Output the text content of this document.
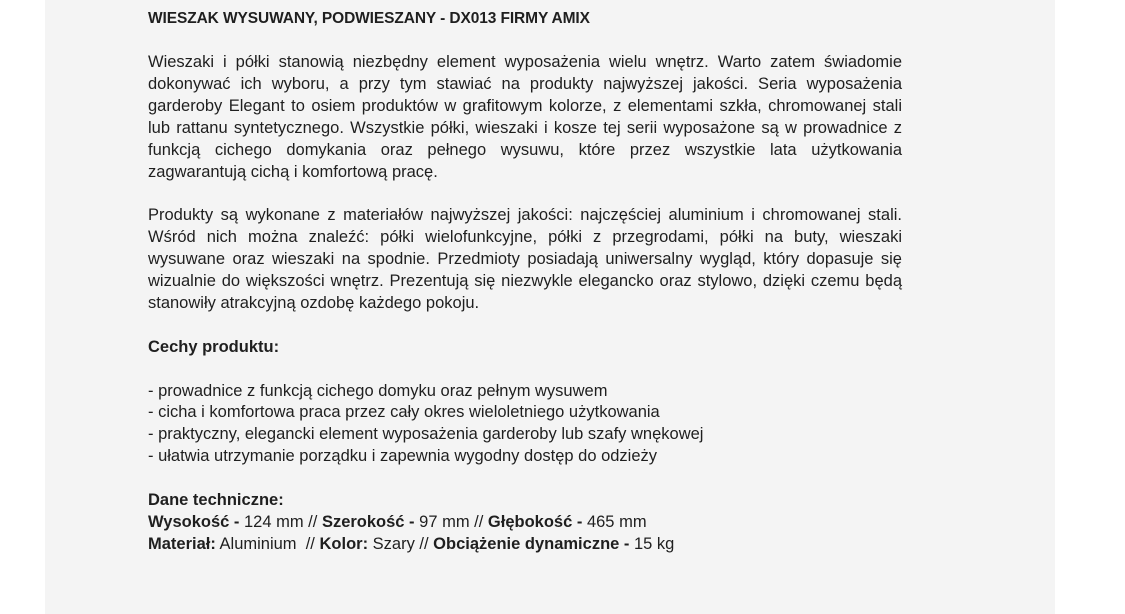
WIESZAK WYSUWANY, PODWIESZANY - DX013 FIRMY AMIX

Wieszaki i półki stanowią niezbędny element wyposażenia wielu wnętrz. Warto zatem świadomie dokonywać ich wyboru, a przy tym stawiać na produkty najwyższej jakości. Seria wyposażenia garderoby Elegant to osiem produktów w grafitowym kolorze, z elementami szkła, chromowanej stali lub rattanu syntetycznego. Wszystkie półki, wieszaki i kosze tej serii wyposażone są w prowadnice z funkcją cichego domykania oraz pełnego wysuwu, które przez wszystkie lata użytkowania zagwarantują cichą i komfortową pracę.

Produkty są wykonane z materiałów najwyższej jakości: najczęściej aluminium i chromowanej stali. Wśród nich można znaleźć: półki wielofunkcyjne, półki z przegrodami, półki na buty, wieszaki wysuwane oraz wieszaki na spodnie. Przedmioty posiadają uniwersalny wygląd, który dopasuje się wizualnie do większości wnętrz. Prezentują się niezwykle elegancko oraz stylowo, dzięki czemu będą stanowiły atrakcyjną ozdobę każdego pokoju.

Cechy produktu:
- prowadnice z funkcją cichego domyku oraz pełnym wysuwem
- cicha i komfortowa praca przez cały okres wieloletniego użytkowania
- praktyczny, elegancki element wyposażenia garderoby lub szafy wnękowej
- ułatwia utrzymanie porządku i zapewnia wygodny dostęp do odzieży
Dane techniczne:
Wysokość - 124 mm // Szerokość - 97 mm // Głębokość - 465 mm
Materiał: Aluminium  // Kolor: Szary // Obciążenie dynamiczne - 15 kg
